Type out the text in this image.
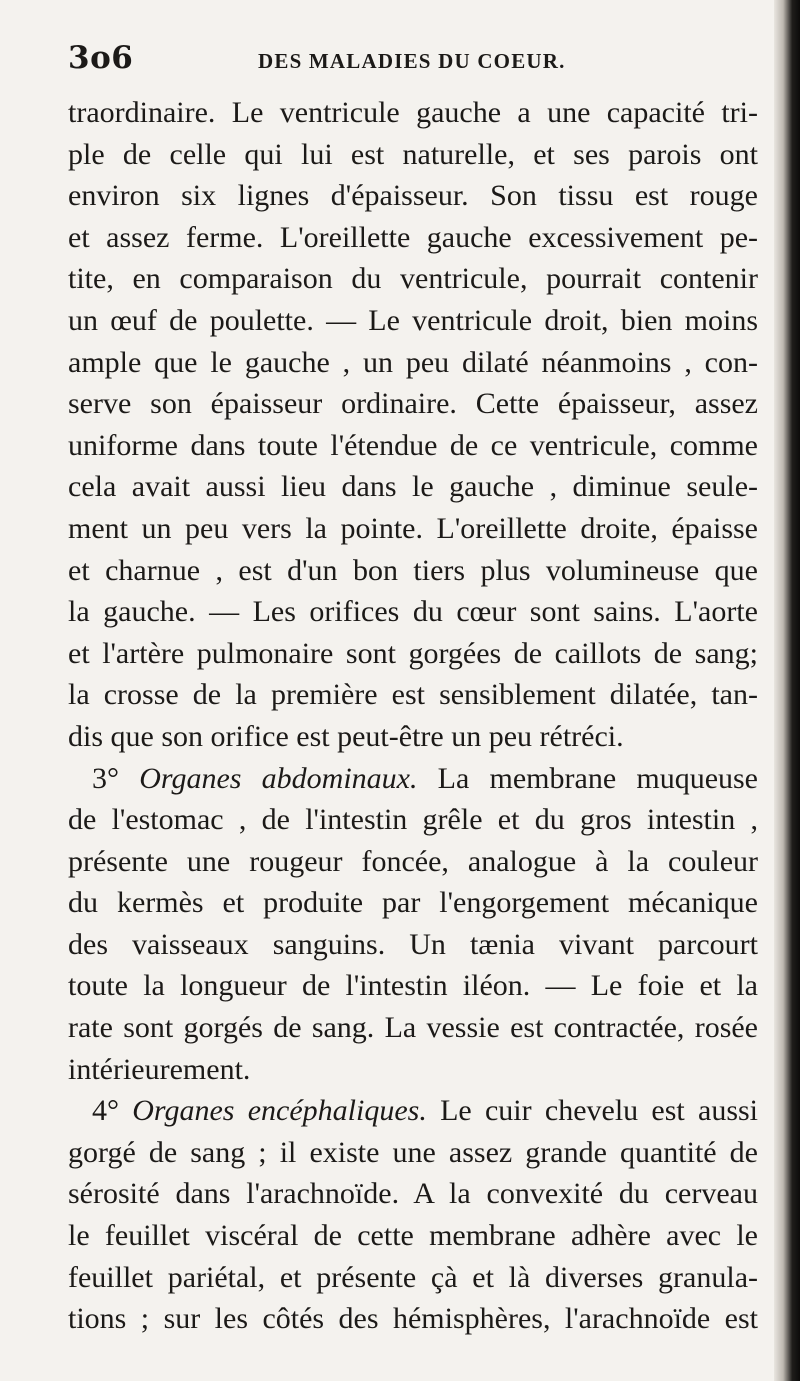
3o6	DES MALADIES DU COEUR.
traordinaire. Le ventricule gauche a une capacité tri-
ple de celle qui lui est naturelle, et ses parois ont
environ six lignes d'épaisseur. Son tissu est rouge
et assez ferme. L'oreillette gauche excessivement pe-
tite, en comparaison du ventricule, pourrait contenir
un œuf de poulette. — Le ventricule droit, bien moins
ample que le gauche , un peu dilaté néanmoins , con-
serve son épaisseur ordinaire. Cette épaisseur, assez
uniforme dans toute l'étendue de ce ventricule, comme
cela avait aussi lieu dans le gauche , diminue seule-
ment un peu vers la pointe. L'oreillette droite, épaisse
et charnue , est d'un bon tiers plus volumineuse que
la gauche. — Les orifices du cœur sont sains. L'aorte
et l'artère pulmonaire sont gorgées de caillots de sang;
la crosse de la première est sensiblement dilatée, tan-
dis que son orifice est peut-être un peu rétréci.
3° Organes abdominaux. La membrane muqueuse
de l'estomac , de l'intestin grêle et du gros intestin ,
présente une rougeur foncée, analogue à la couleur
du kermès et produite par l'engorgement mécanique
des vaisseaux sanguins. Un tænia vivant parcourt
toute la longueur de l'intestin iléon. — Le foie et la
rate sont gorgés de sang. La vessie est contractée, rosée
intérieurement.
4° Organes encéphaliques. Le cuir chevelu est aussi
gorgé de sang ; il existe une assez grande quantité de
sérosité dans l'arachnoïde. A la convexité du cerveau
le feuillet viscéral de cette membrane adhère avec le
feuillet pariétal, et présente çà et là diverses granula-
tions ; sur les côtés des hémisphères, l'arachnoïde est
